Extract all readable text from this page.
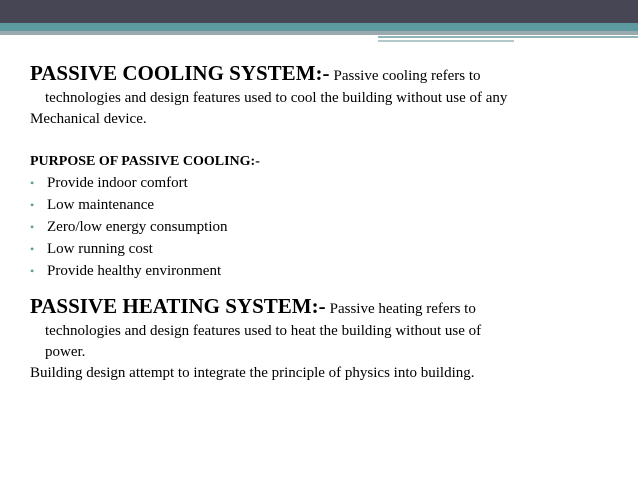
PASSIVE COOLING SYSTEM:- Passive cooling refers to

technologies and design features used to cool the building without use of any

Mechanical device.

PURPOSE OF PASSIVE COOLING:-

• Provide indoor comfort
• Low maintenance
• Zero/low energy consumption
• Low running cost
• Provide healthy environment

PASSIVE HEATING SYSTEM:- Passive heating refers to

technologies and design features used to heat the building without use of

power.

Building design attempt to integrate the principle of physics into building.
